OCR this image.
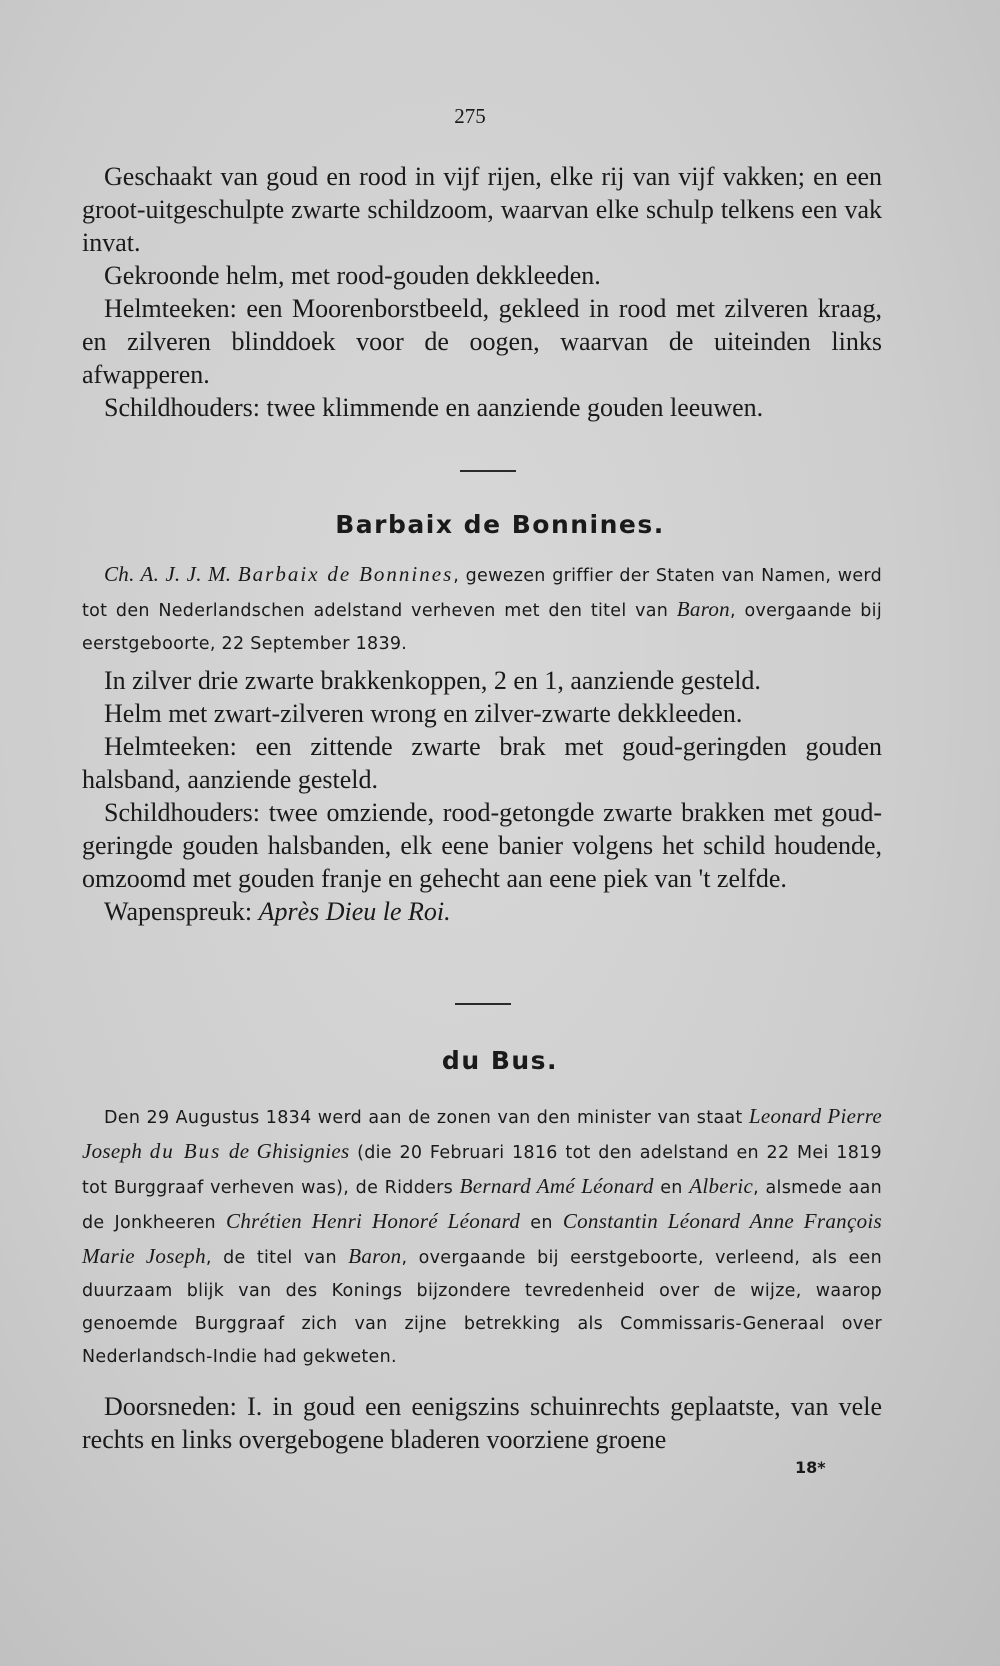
275

Geschaakt van goud en rood in vijf rijen, elke rij van vijf vakken; en een groot-uitgeschulpte zwarte schildzoom, waarvan elke schulp telkens een vak invat.

Gekroonde helm, met rood-gouden dekkleeden.

Helmteeken: een Moorenborstbeeld, gekleed in rood met zilveren kraag, en zilveren blinddoek voor de oogen, waarvan de uiteinden links afwapperen.

Schildhouders: twee klimmende en aanziende gouden leeuwen.

Barbaix de Bonnines.

Ch. A. J. J. M. Barbaix de Bonnines, gewezen griffier der Staten van Namen, werd tot den Nederlandschen adelstand verheven met den titel van Baron, overgaande bij eerstgeboorte, 22 September 1839.

In zilver drie zwarte brakkenkoppen, 2 en 1, aanziende gesteld.

Helm met zwart-zilveren wrong en zilver-zwarte dekkleeden.

Helmteeken: een zittende zwarte brak met goud-geringden gouden halsband, aanziende gesteld.

Schildhouders: twee omziende, rood-getongde zwarte brakken met goud-geringde gouden halsbanden, elk eene banier volgens het schild houdende, omzoomd met gouden franje en gehecht aan eene piek van 't zelfde.

Wapenspreuk: Après Dieu le Roi.

du Bus.

Den 29 Augustus 1834 werd aan de zonen van den minister van staat Leonard Pierre Joseph du Bus de Ghisignies (die 20 Februari 1816 tot den adelstand en 22 Mei 1819 tot Burggraaf verheven was), de Ridders Bernard Amé Léonard en Alberic, alsmede aan de Jonkheeren Chrétien Henri Honoré Léonard en Constantin Léonard Anne François Marie Joseph, de titel van Baron, overgaande bij eerstgeboorte, verleend, als een duurzaam blijk van des Konings bijzondere tevredenheid over de wijze, waarop genoemde Burggraaf zich van zijne betrekking als Commissaris-Generaal over Nederlandsch-Indie had gekweten.

Doorsneden: I. in goud een eenigszins schuinrechts geplaatste, van vele rechts en links overgebogene bladeren voorziene groene

18*
